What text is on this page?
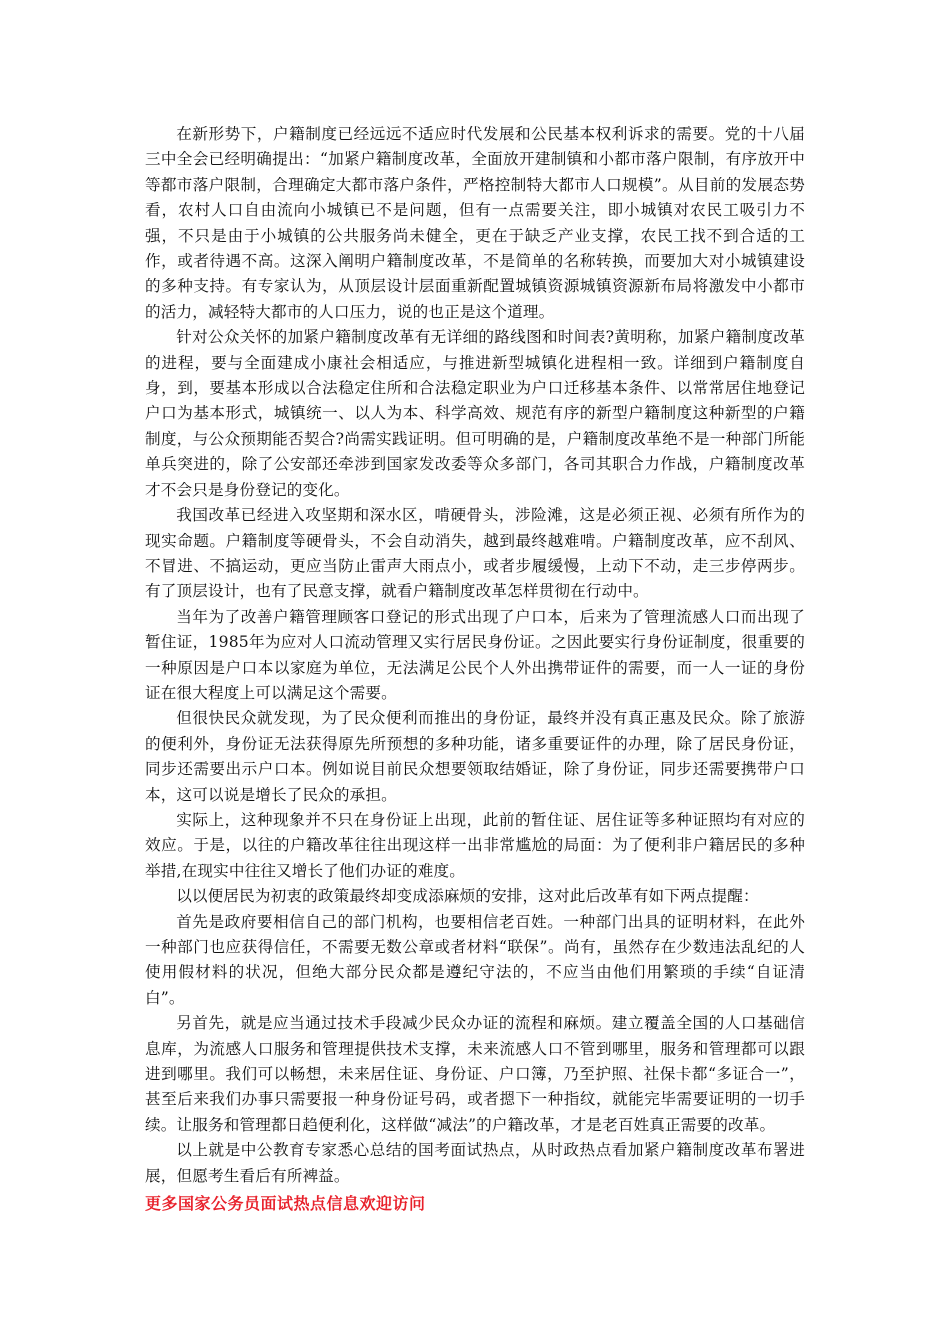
在新形势下，户籍制度已经远远不适应时代发展和公民基本权利诉求的需要。党的十八届三中全会已经明确提出：“加紧户籍制度改革，全面放开建制镇和小都市落户限制，有序放开中等都市落户限制，合理确定大都市落户条件，严格控制特大都市人口规模”。从目前的发展态势看，农村人口自由流向小城镇已不是问题，但有一点需要关注，即小城镇对农民工吸引力不强，不只是由于小城镇的公共服务尚未健全，更在于缺乏产业支撑，农民工找不到合适的工作，或者待遇不高。这深入阐明户籍制度改革，不是简单的名称转换，而要加大对小城镇建设的多种支持。有专家认为，从顶层设计层面重新配置城镇资源城镇资源新布局将激发中小都市的活力，减轻特大都市的人口压力，说的也正是这个道理。

针对公众关怀的加紧户籍制度改革有无详细的路线图和时间表?黄明称，加紧户籍制度改革的进程，要与全面建成小康社会相适应，与推进新型城镇化进程相一致。详细到户籍制度自身，到，要基本形成以合法稳定住所和合法稳定职业为户口迁移基本条件、以常常居住地登记户口为基本形式，城镇统一、以人为本、科学高效、规范有序的新型户籍制度这种新型的户籍制度，与公众预期能否契合?尚需实践证明。但可明确的是，户籍制度改革绝不是一种部门所能单兵突进的，除了公安部还牵涉到国家发改委等众多部门，各司其职合力作战，户籍制度改革才不会只是身份登记的变化。

我国改革已经进入攻坚期和深水区，啃硬骨头，涉险滩，这是必须正视、必须有所作为的现实命题。户籍制度等硬骨头，不会自动消失，越到最终越难啃。户籍制度改革，应不刮风、不冒进、不搞运动，更应当防止雷声大雨点小，或者步履缓慢，上动下不动，走三步停两步。有了顶层设计，也有了民意支撑，就看户籍制度改革怎样贯彻在行动中。

当年为了改善户籍管理顾客口登记的形式出现了户口本，后来为了管理流感人口而出现了暂住证，1985年为应对人口流动管理又实行居民身份证。之因此要实行身份证制度，很重要的一种原因是户口本以家庭为单位，无法满足公民个人外出携带证件的需要，而一人一证的身份证在很大程度上可以满足这个需要。

但很快民众就发现，为了民众便利而推出的身份证，最终并没有真正惠及民众。除了旅游的便利外，身份证无法获得原先所预想的多种功能，诸多重要证件的办理，除了居民身份证，同步还需要出示户口本。例如说目前民众想要领取结婚证，除了身份证，同步还需要携带户口本，这可以说是增长了民众的承担。

实际上，这种现象并不只在身份证上出现，此前的暂住证、居住证等多种证照均有对应的效应。于是，以往的户籍改革往往出现这样一出非常尴尬的局面：为了便利非户籍居民的多种举措,在现实中往往又增长了他们办证的难度。

以以便居民为初衷的政策最终却变成添麻烦的安排，这对此后改革有如下两点提醒：

首先是政府要相信自己的部门机构，也要相信老百姓。一种部门出具的证明材料，在此外一种部门也应获得信任，不需要无数公章或者材料“联保”。尚有，虽然存在少数违法乱纪的人使用假材料的状况，但绝大部分民众都是遵纪守法的，不应当由他们用繁琐的手续“自证清白”。

另首先，就是应当通过技术手段减少民众办证的流程和麻烦。建立覆盖全国的人口基础信息库，为流感人口服务和管理提供技术支撑，未来流感人口不管到哪里，服务和管理都可以跟进到哪里。我们可以畅想，未来居住证、身份证、户口簿，乃至护照、社保卡都“多证合一”，甚至后来我们办事只需要报一种身份证号码，或者摁下一种指纹，就能完毕需要证明的一切手续。让服务和管理都日趋便利化，这样做“减法”的户籍改革，才是老百姓真正需要的改革。

以上就是中公教育专家悉心总结的国考面试热点，从时政热点看加紧户籍制度改革布署进展，但愿考生看后有所裨益。

更多国家公务员面试热点信息欢迎访问
